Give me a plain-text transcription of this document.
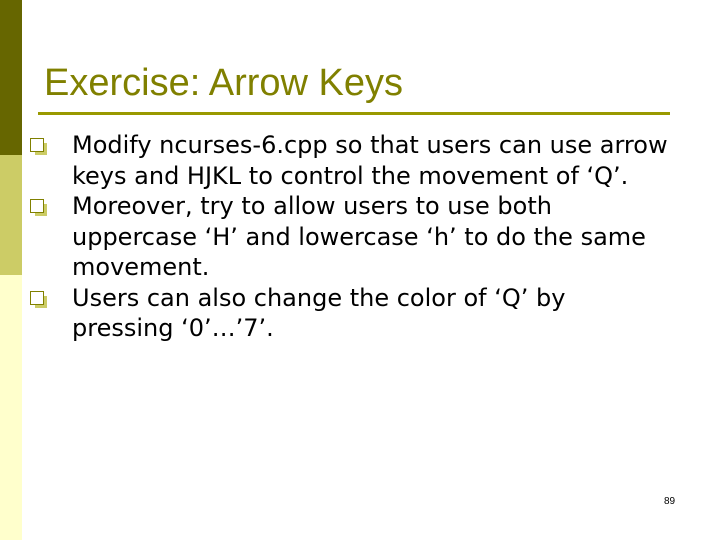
Exercise: Arrow Keys
Modify ncurses-6.cpp so that users can use arrow keys and HJKL to control the movement of ‘Q’.
Moreover, try to allow users to use both uppercase ‘H’ and lowercase ‘h’ to do the same movement.
Users can also change the color of ‘Q’ by pressing ‘0’…’7’.
89
